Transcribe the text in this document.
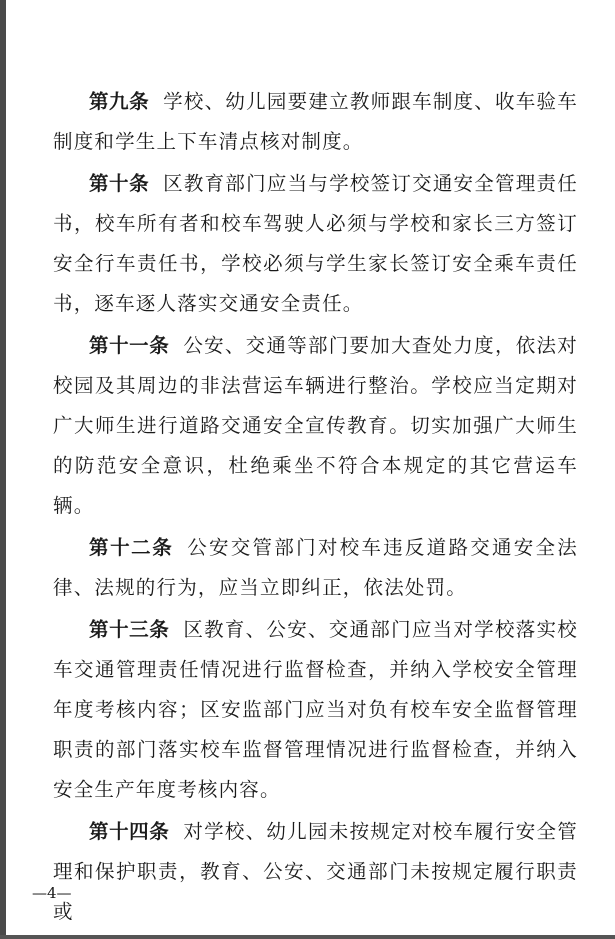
第九条 学校、幼儿园要建立教师跟车制度、收车验车制度和学生上下车清点核对制度。

第十条 区教育部门应当与学校签订交通安全管理责任书，校车所有者和校车驾驶人必须与学校和家长三方签订安全行车责任书，学校必须与学生家长签订安全乘车责任书，逐车逐人落实交通安全责任。

第十一条 公安、交通等部门要加大查处力度，依法对校园及其周边的非法营运车辆进行整治。学校应当定期对广大师生进行道路交通安全宣传教育。切实加强广大师生的防范安全意识，杜绝乘坐不符合本规定的其它营运车辆。

第十二条 公安交管部门对校车违反道路交通安全法律、法规的行为，应当立即纠正，依法处罚。

第十三条 区教育、公安、交通部门应当对学校落实校车交通管理责任情况进行监督检查，并纳入学校安全管理年度考核内容；区安监部门应当对负有校车安全监督管理职责的部门落实校车监督管理情况进行监督检查，并纳入安全生产年度考核内容。

第十四条 对学校、幼儿园未按规定对校车履行安全管理和保护职责，教育、公安、交通部门未按规定履行职责或

—4—
